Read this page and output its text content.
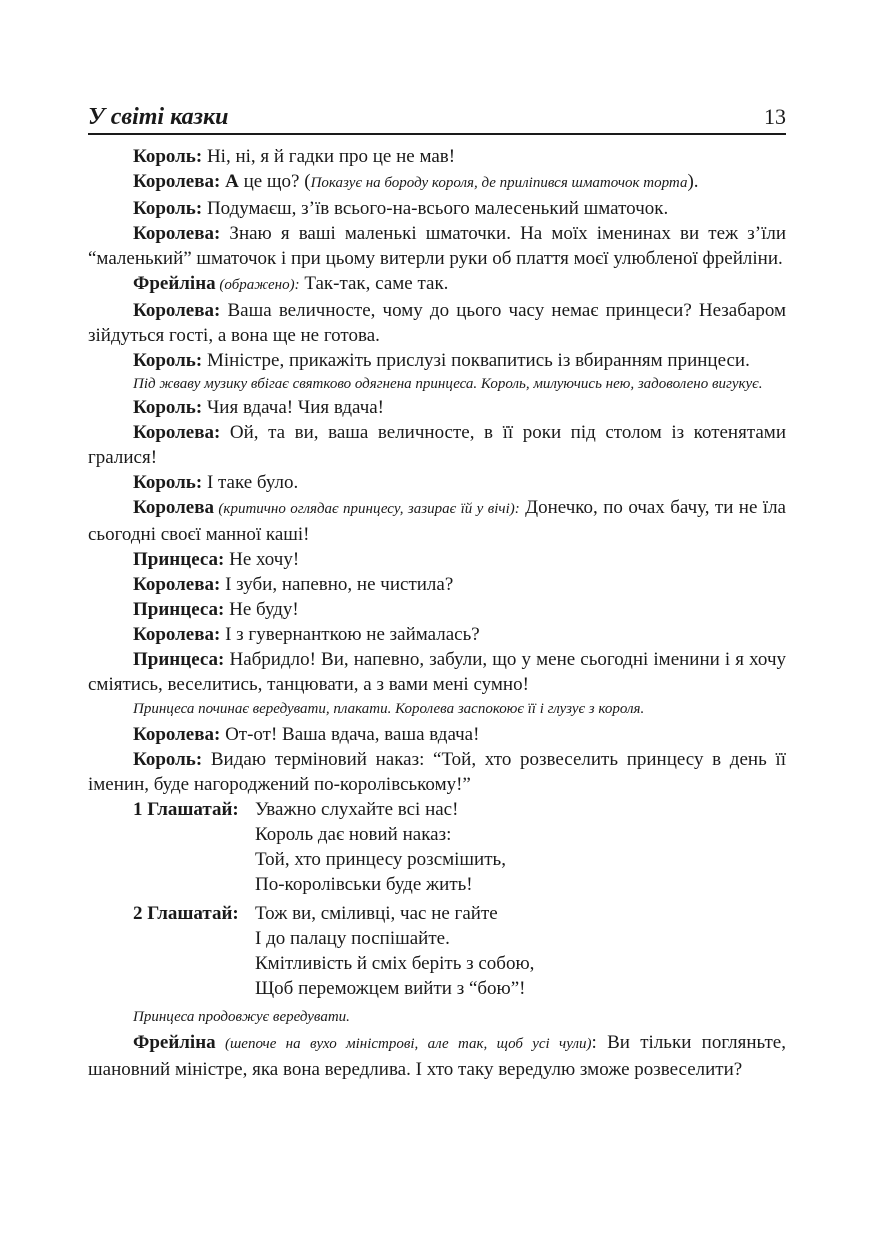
У світі казки	13

Король: Ні, ні, я й гадки про це не мав!

Королева: А це що? (Показує на бороду короля, де приліпився шматочок торта).

Король: Подумаєш, з’їв всього-на-всього малесенький шматочок.

Королева: Знаю я ваші маленькі шматочки. На моїх іменинах ви теж з’їли “маленький” шматочок і при цьому витерли руки об плаття моєї улюбленої фрейліни.

Фрейліна (ображено): Так-так, саме так.

Королева: Ваша величносте, чому до цього часу немає принцеси? Незабаром зійдуться гості, а вона ще не готова.

Король: Міністре, прикажіть прислузі поквапитись із вбиранням принцеси.

Під жваву музику вбігає святково одягнена принцеса. Король, милуючись нею, задоволено вигукує.

Король: Чия вдача! Чия вдача!

Королева: Ой, та ви, ваша величносте, в її роки під столом із котенятами гралися!

Король: І таке було.

Королева (критично оглядає принцесу, зазирає їй у вічі): Донечко, по очах бачу, ти не їла сьогодні своєї манної каші!

Принцеса: Не хочу!

Королева: І зуби, напевно, не чистила?

Принцеса: Не буду!

Королева: І з гувернанткою не займалась?

Принцеса: Набридло! Ви, напевно, забули, що у мене сьогодні іменини і я хочу сміятись, веселитись, танцювати, а з вами мені сумно!

Принцеса починає вередувати, плакати. Королева заспокоює її і глузує з короля.

Королева: От-от! Ваша вдача, ваша вдача!

Король: Видаю терміновий наказ: “Той, хто розвеселить принцесу в день її іменин, буде нагороджений по-королівському!”

1 Глашатай: Уважно слухайте всі нас!
Король дає новий наказ:
Той, хто принцесу розсмішить,
По-королівськи буде жить!
2 Глашатай: Тож ви, сміливці, час не гайте
І до палацу поспішайте.
Кмітливість й сміх беріть з собою,
Щоб переможцем вийти з “бою”!

Принцеса продовжує вередувати.

Фрейліна (шепоче на вухо міністрові, але так, щоб усі чули): Ви тільки погляньте, шановний міністре, яка вона вередлива. І хто таку вередулю зможе розвеселити?
